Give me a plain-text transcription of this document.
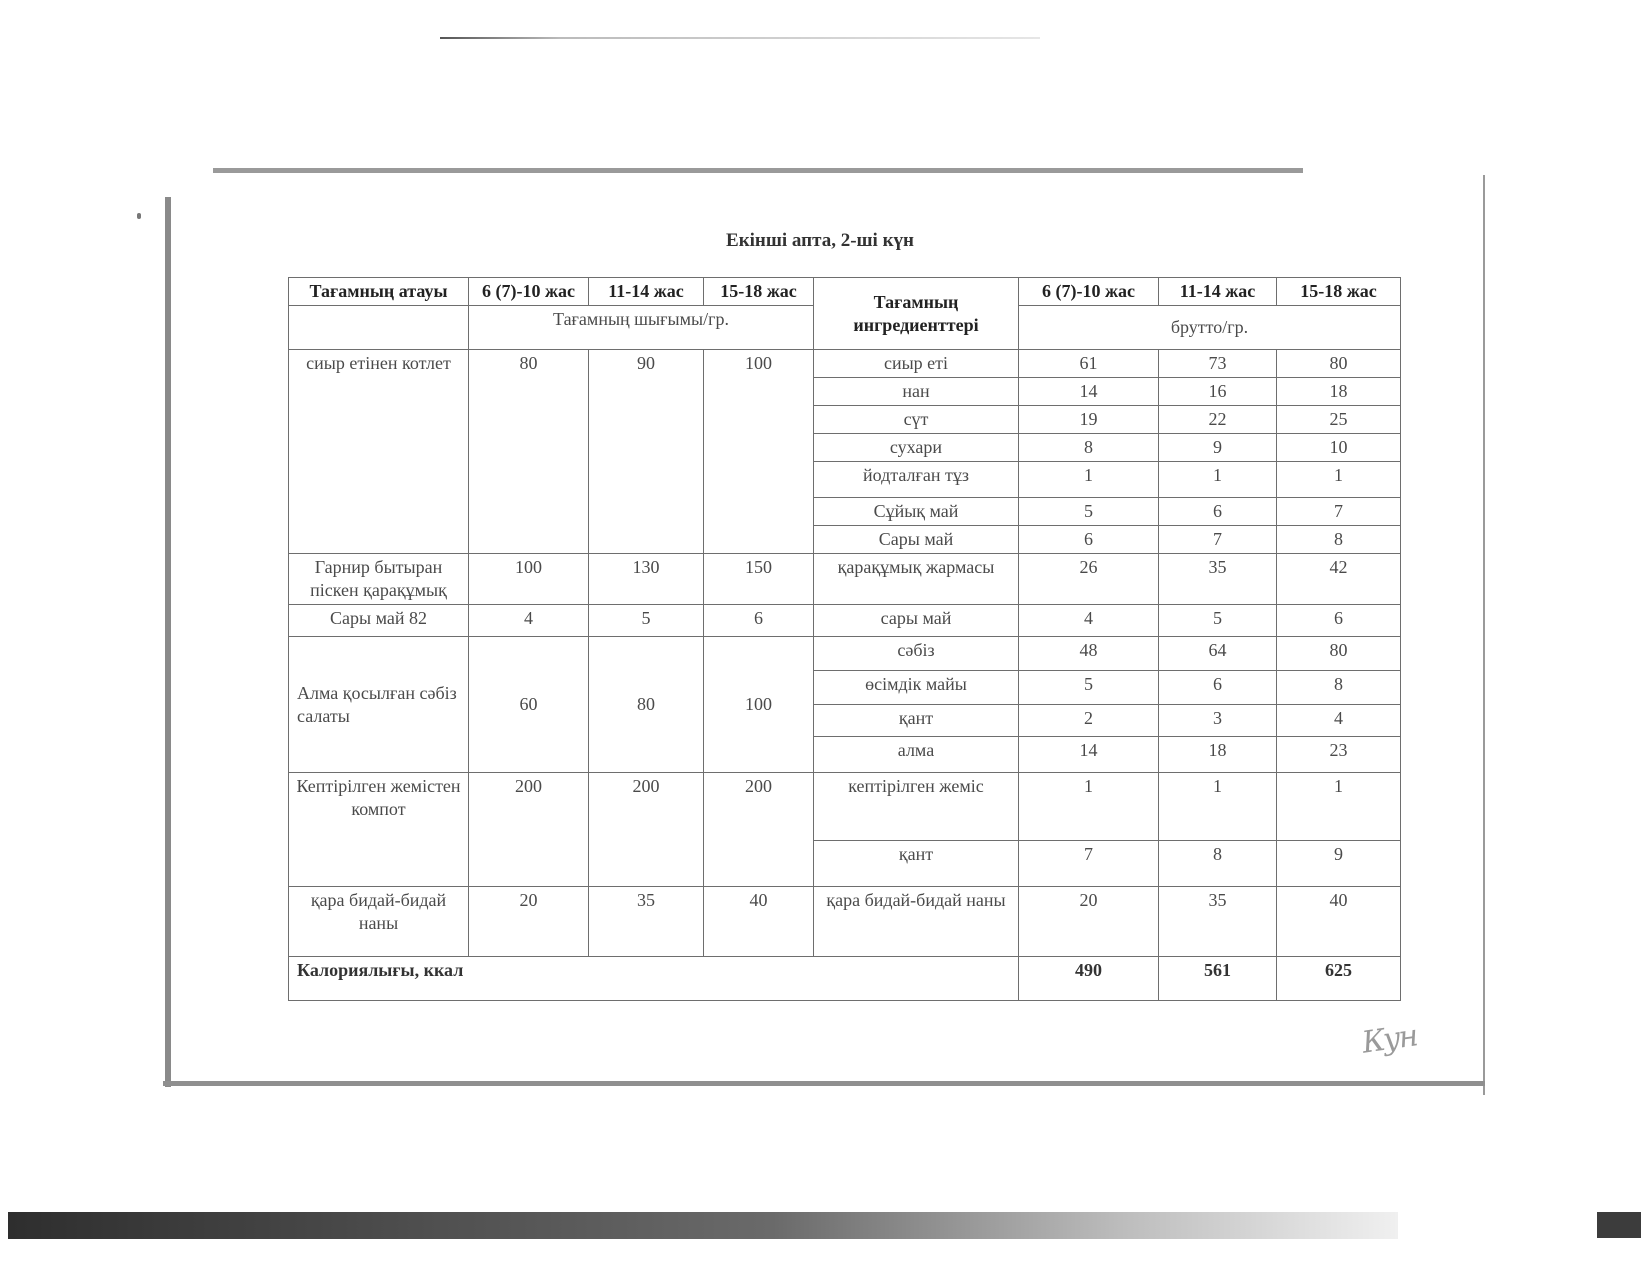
Екінші апта, 2-ші күн
Тағамның атауы	6 (7)-10 жас	11-14 жас	15-18 жас	Тағамның ингредиенттері	6 (7)-10 жас	11-14 жас	15-18 жас
	Тағамның шығымы/гр.				брутто/гр.		
сиыр етінен котлет	80	90	100	сиыр еті	61	73	80
				нан	14	16	18
				сүт	19	22	25
				сухари	8	9	10
				йодталған тұз	1	1	1
				Сұйық май	5	6	7
				Сары май	6	7	8
Гарнир бытыран піскен қарақұмық	100	130	150	қарақұмық жармасы	26	35	42
Сары май 82	4	5	6	сары май	4	5	6
Алма қосылған сәбіз салаты	60	80	100	сәбіз	48	64	80
				өсімдік майы	5	6	8
				қант	2	3	4
				алма	14	18	23
Кептірілген жемістен компот	200	200	200	кептірілген жеміс	1	1	1
				қант	7	8	9
қара бидай-бидай наны	20	35	40	қара бидай-бидай наны	20	35	40
Калориялығы, ккал					490	561	625
Кун
